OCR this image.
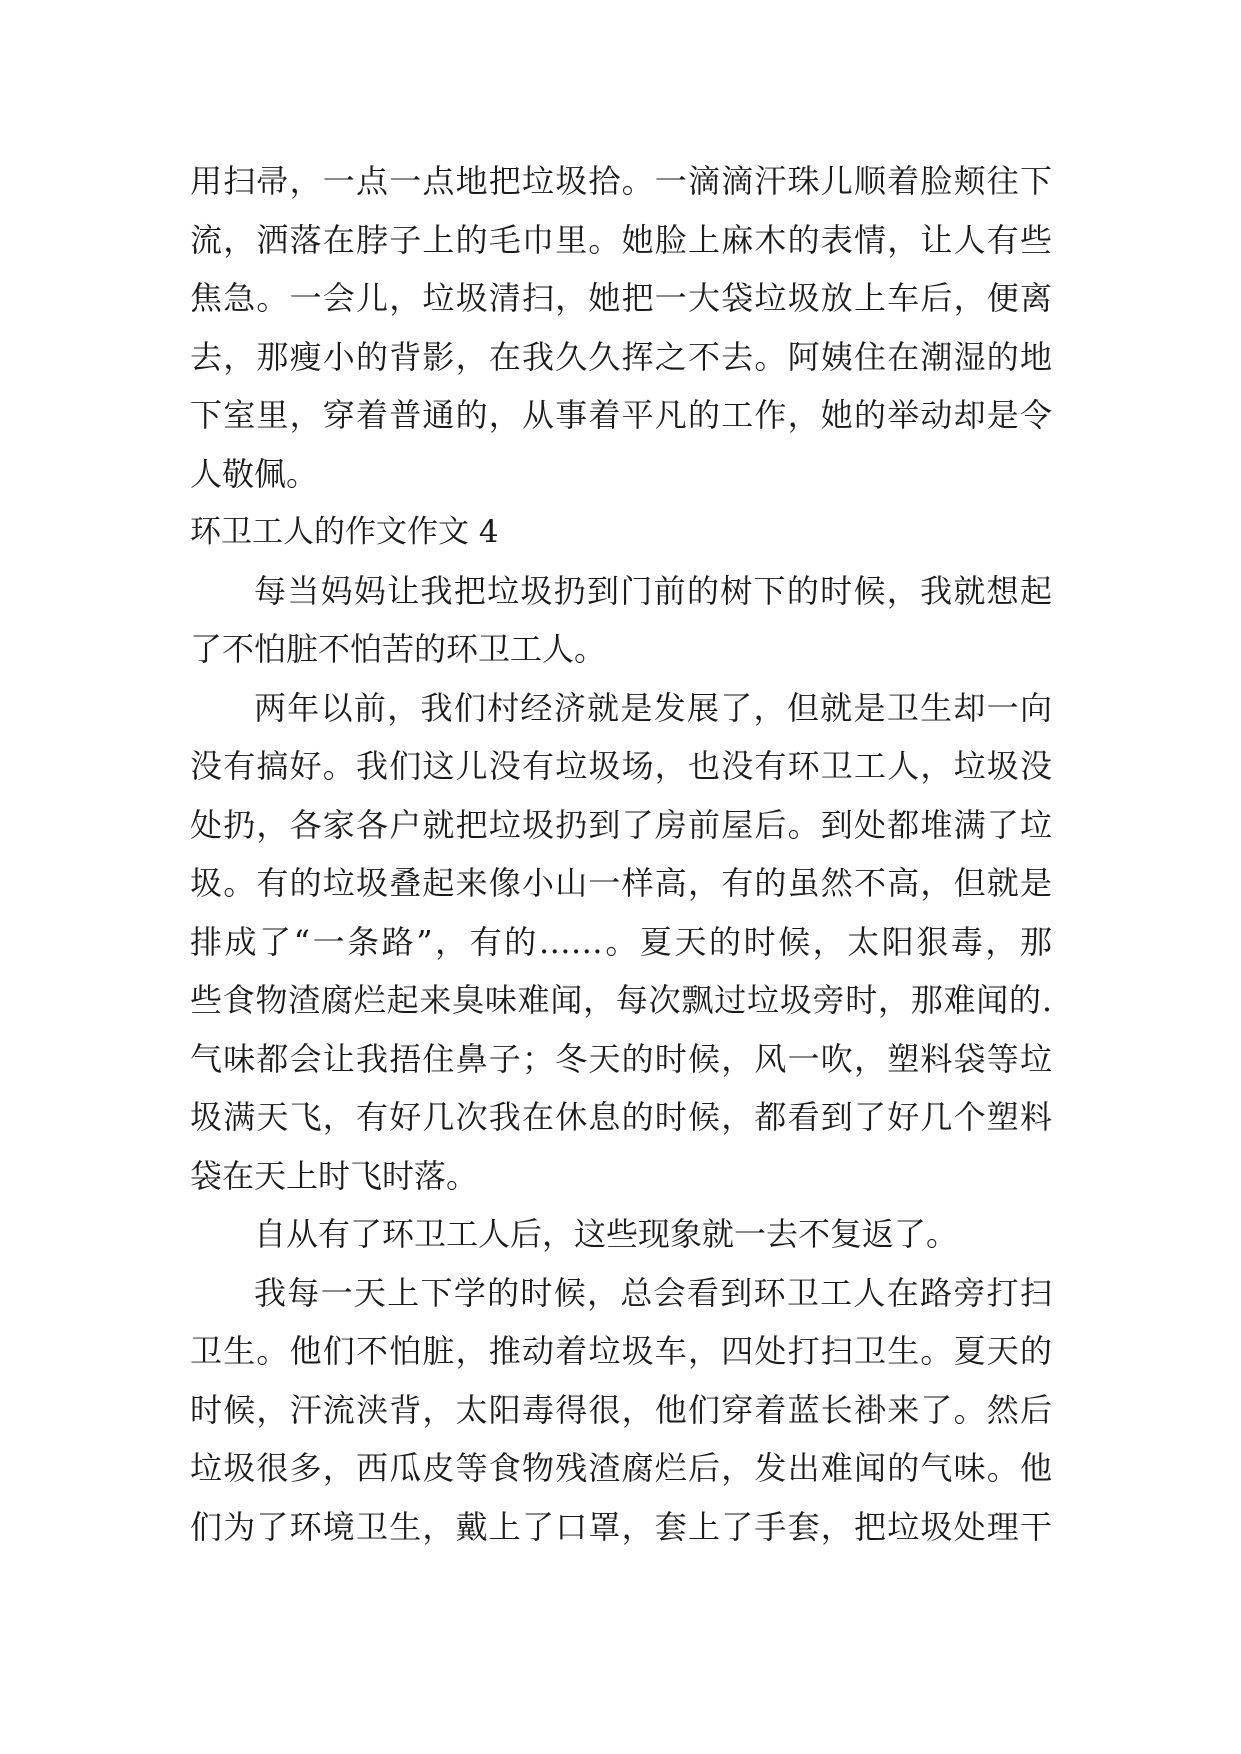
用扫帚，一点一点地把垃圾拾。一滴滴汗珠儿顺着脸颊往下
流，洒落在脖子上的毛巾里。她脸上麻木的表情，让人有些
焦急。一会儿，垃圾清扫，她把一大袋垃圾放上车后，便离
去，那瘦小的背影，在我久久挥之不去。阿姨住在潮湿的地
下室里，穿着普通的，从事着平凡的工作，她的举动却是令
人敬佩。
环卫工人的作文作文 4
每当妈妈让我把垃圾扔到门前的树下的时候，我就想起
了不怕脏不怕苦的环卫工人。
两年以前，我们村经济就是发展了，但就是卫生却一向
没有搞好。我们这儿没有垃圾场，也没有环卫工人，垃圾没
处扔，各家各户就把垃圾扔到了房前屋后。到处都堆满了垃
圾。有的垃圾叠起来像小山一样高，有的虽然不高，但就是
排成了“一条路”，有的……。夏天的时候，太阳狠毒，那
些食物渣腐烂起来臭味难闻，每次飘过垃圾旁时，那难闻的.
气味都会让我捂住鼻子；冬天的时候，风一吹，塑料袋等垃
圾满天飞，有好几次我在休息的时候，都看到了好几个塑料
袋在天上时飞时落。
自从有了环卫工人后，这些现象就一去不复返了。
我每一天上下学的时候，总会看到环卫工人在路旁打扫
卫生。他们不怕脏，推动着垃圾车，四处打扫卫生。夏天的
时候，汗流浃背，太阳毒得很，他们穿着蓝长褂来了。然后
垃圾很多，西瓜皮等食物残渣腐烂后，发出难闻的气味。他
们为了环境卫生，戴上了口罩，套上了手套，把垃圾处理干
